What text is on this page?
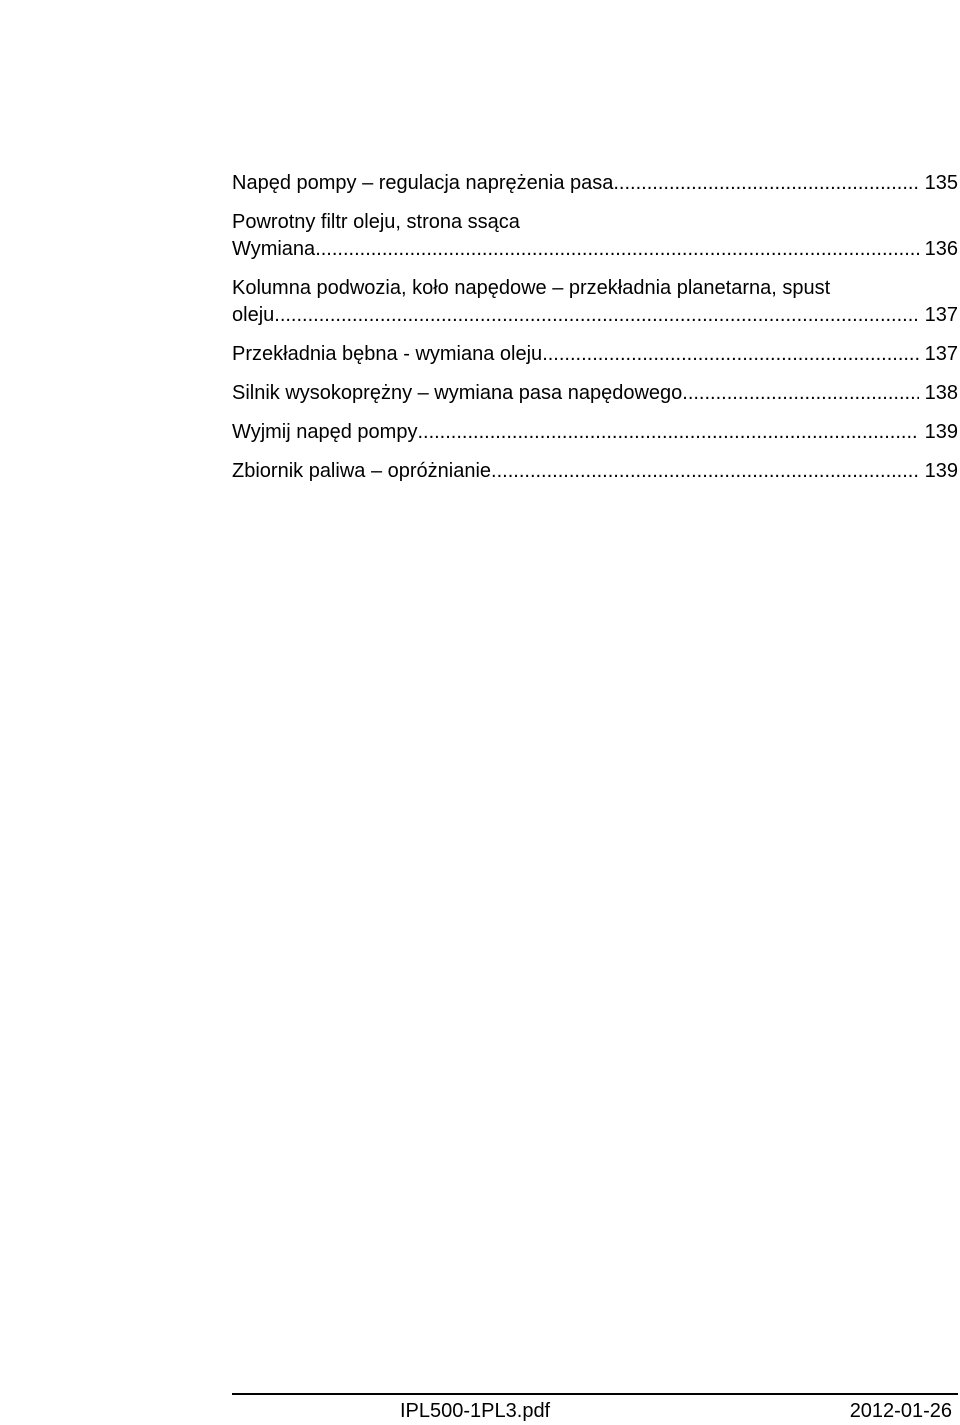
Napęd pompy – regulacja naprężenia pasa .....	135
Powrotny filtr oleju, strona ssąca
Wymiana .....	136
Kolumna podwozia, koło napędowe – przekładnia planetarna, spust
oleju .....	137
Przekładnia bębna - wymiana oleju .....	137
Silnik wysokoprężny – wymiana pasa napędowego .....	138
Wyjmij napęd pompy .....	139
Zbiornik paliwa – opróżnianie .....	139
IPL500-1PL3.pdf	2012-01-26
